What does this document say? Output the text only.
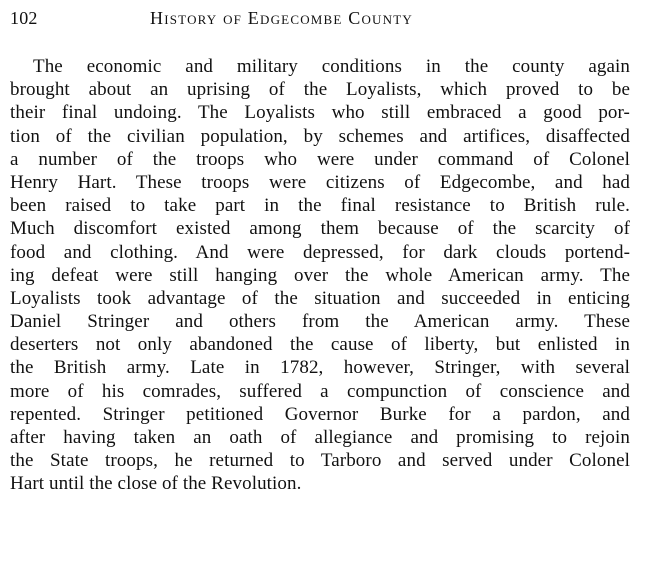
102	History of Edgecombe County
The economic and military conditions in the county again
brought about an uprising of the Loyalists, which proved to be
their final undoing. The Loyalists who still embraced a good por-
tion of the civilian population, by schemes and artifices, disaffected
a number of the troops who were under command of Colonel
Henry Hart. These troops were citizens of Edgecombe, and had
been raised to take part in the final resistance to British rule.
Much discomfort existed among them because of the scarcity of
food and clothing. And were depressed, for dark clouds portend-
ing defeat were still hanging over the whole American army. The
Loyalists took advantage of the situation and succeeded in enticing
Daniel Stringer and others from the American army. These
deserters not only abandoned the cause of liberty, but enlisted in
the British army. Late in 1782, however, Stringer, with several
more of his comrades, suffered a compunction of conscience and
repented. Stringer petitioned Governor Burke for a pardon, and
after having taken an oath of allegiance and promising to rejoin
the State troops, he returned to Tarboro and served under Colonel
Hart until the close of the Revolution.
